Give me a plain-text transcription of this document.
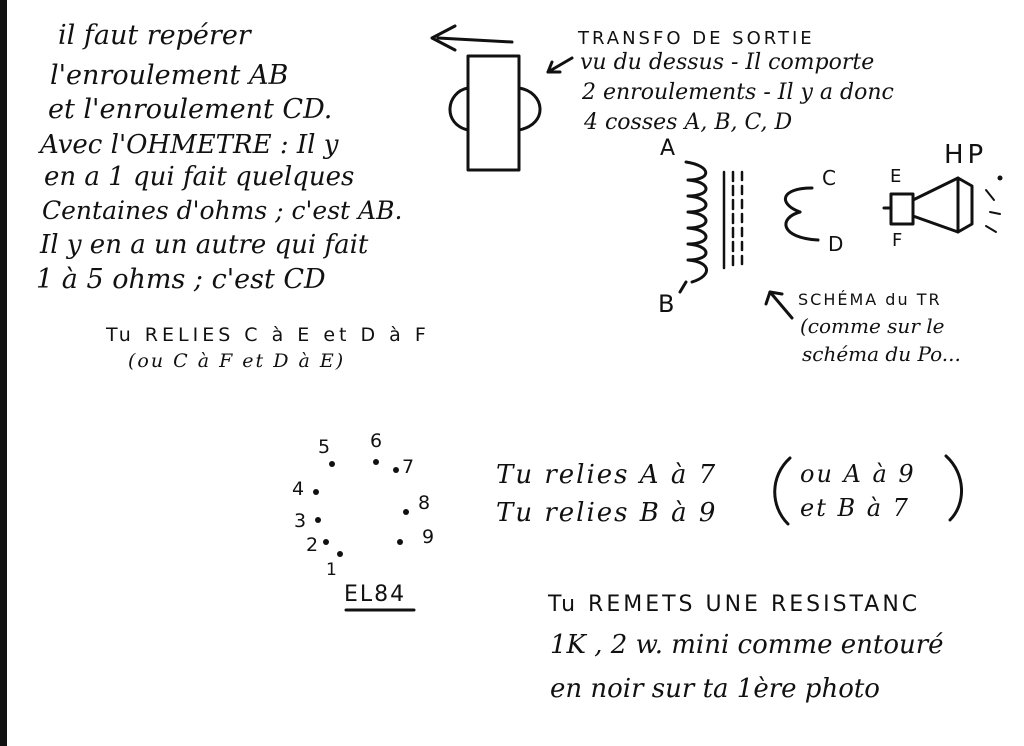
il faut repérer
l'enroulement AB
et l'enroulement CD.
Avec l'OHMETRE : Il y
en a 1 qui fait quelques
Centaines d'ohms ; c'est AB.
Il y en a un autre qui fait
1 à 5 ohms ; c'est CD
TRANSFO DE SORTIE
vu du dessus - Il comporte
2 enroulements - Il y a donc
4 cosses A, B, C, D
A
B
C
D
E
F
HP
SCHÉMA du TR
(comme sur le
schéma du Po...
Tu RELIES C à E et D à F
(ou C à F et D à E)
1
2
3
4
5 6
7
8
9
EL84
Tu relies A à 7
Tu relies B à 9
ou A à 9
et B à 7
Tu REMETS UNE RESISTANC
1K , 2 w. mini comme entouré
en noir sur ta 1ère photo
